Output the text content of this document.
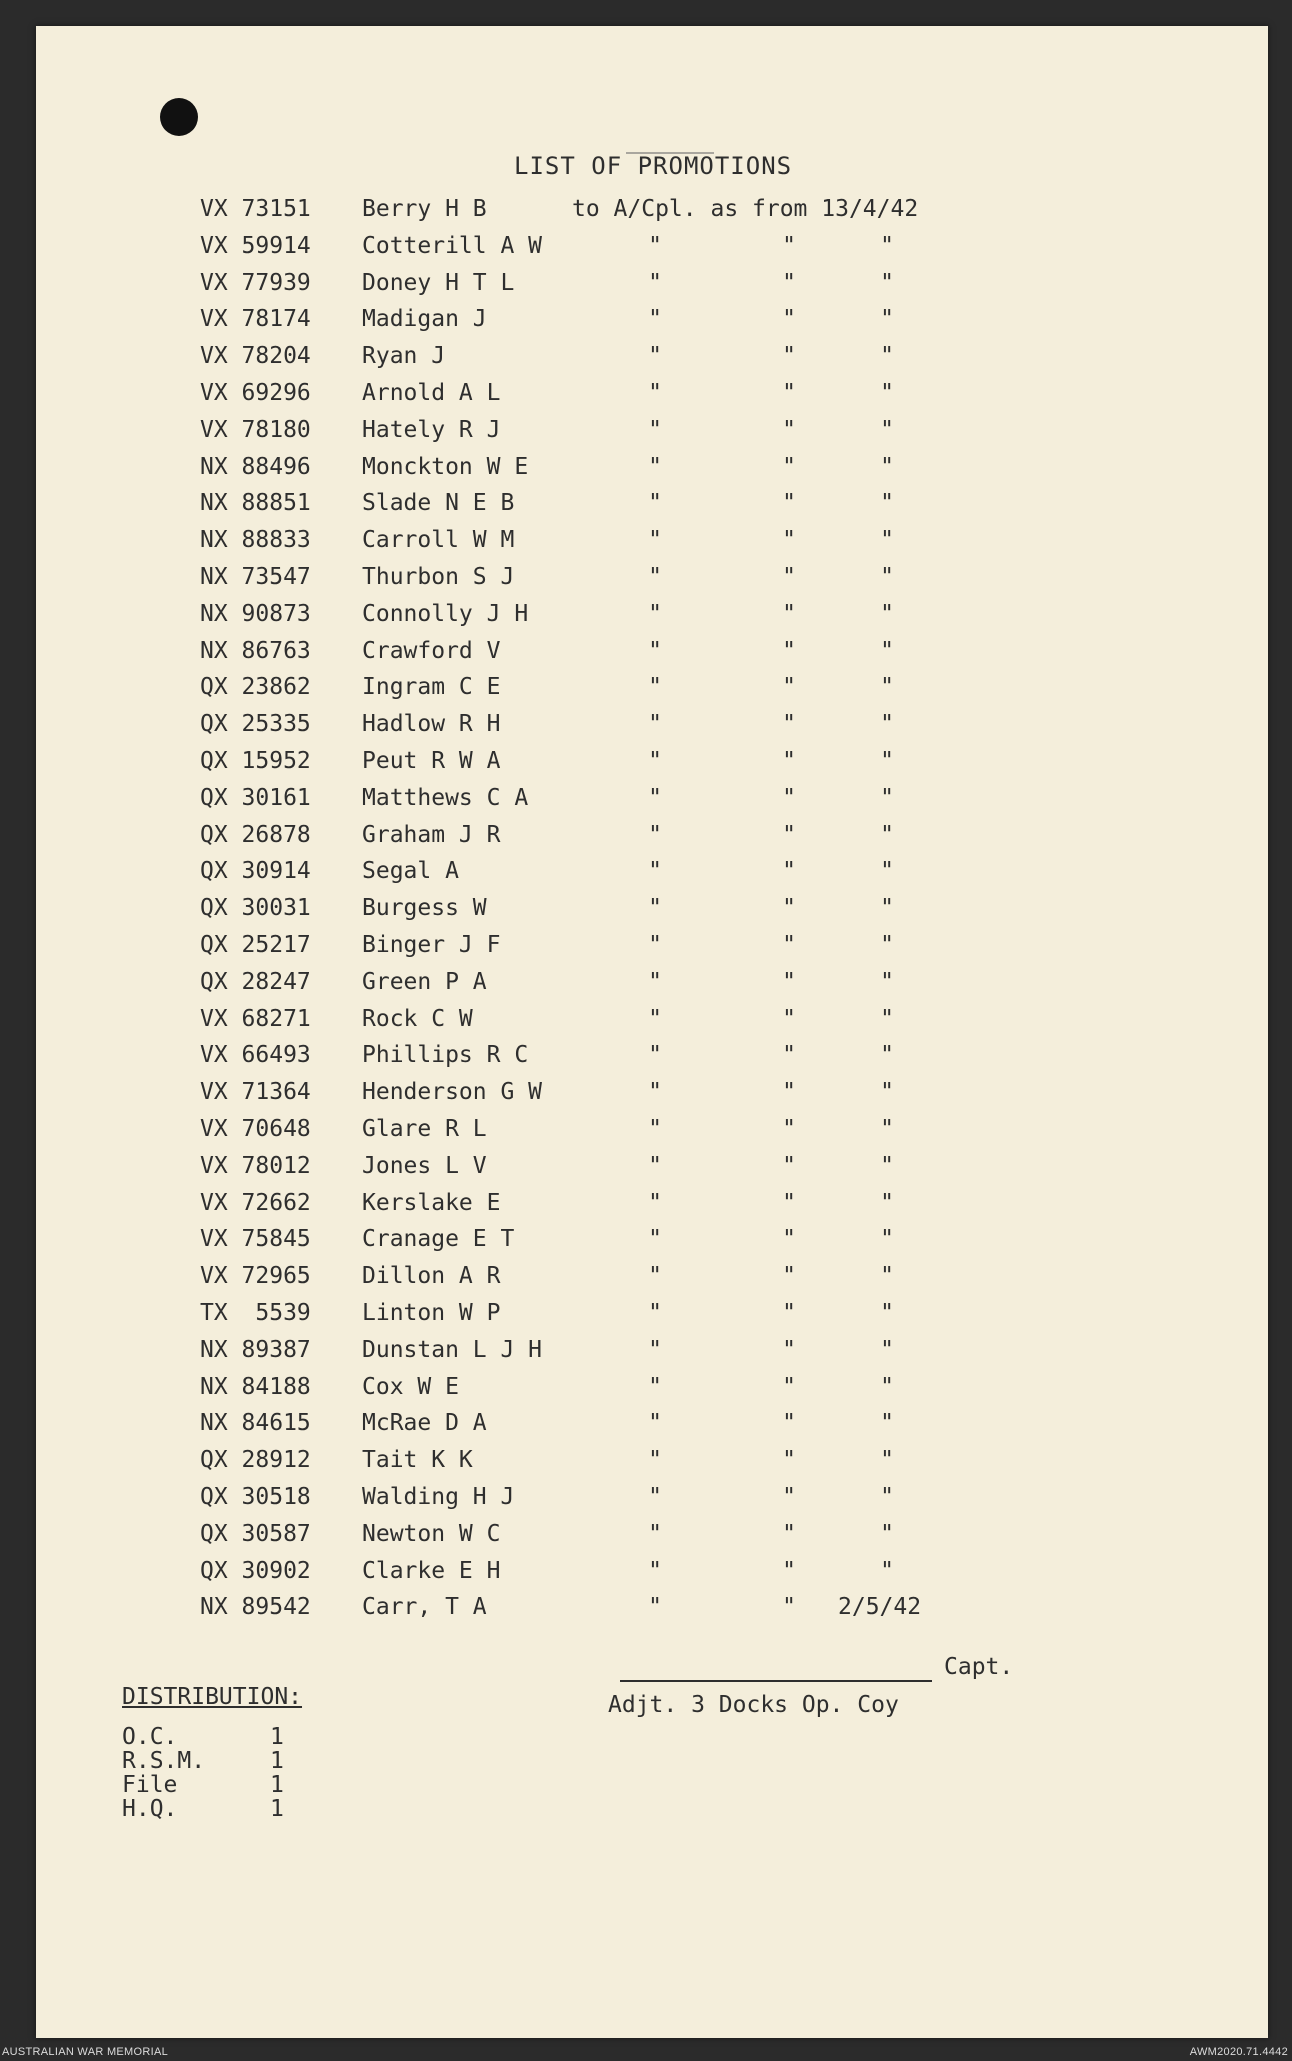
LIST OF PROMOTIONS
VX 73151 Berry H B	to A/Cpl. as from 13/4/42
VX 59914 Cotterill A W	"	"	"
VX 77939 Doney H T L	"	"	"
VX 78174 Madigan J	"	"	"
VX 78204 Ryan J	"	"	"
VX 69296 Arnold A L	"	"	"
VX 78180 Hately R J	"	"	"
NX 88496 Monckton W E	"	"	"
NX 88851 Slade N E B	"	"	"
NX 88833 Carroll W M	"	"	"
NX 73547 Thurbon S J	"	"	"
NX 90873 Connolly J H	"	"	"
NX 86763 Crawford V	"	"	"
QX 23862 Ingram C E	"	"	"
QX 25335 Hadlow R H	"	"	"
QX 15952 Peut R W A	"	"	"
QX 30161 Matthews C A	"	"	"
QX 26878 Graham J R	"	"	"
QX 30914 Segal A	"	"	"
QX 30031 Burgess W	"	"	"
QX 25217 Binger J F	"	"	"
QX 28247 Green P A	"	"	"
VX 68271 Rock C W	"	"	"
VX 66493 Phillips R C	"	"	"
VX 71364 Henderson G W	"	"	"
VX 70648 Glare R L	"	"	"
VX 78012 Jones L V	"	"	"
VX 72662 Kerslake E	"	"	"
VX 75845 Cranage E T	"	"	"
VX 72965 Dillon A R	"	"	"
TX  5539 Linton W P	"	"	"
NX 89387 Dunstan L J H	"	"	"
NX 84188 Cox W E	"	"	"
NX 84615 McRae D A	"	"	"
QX 28912 Tait K K	"	"	"
QX 30518 Walding H J	"	"	"
QX 30587 Newton W C	"	"	"
QX 30902 Clarke E H	"	"	"
NX 89542 Carr, T A	"	" 2/5/42
Capt.
Adjt. 3 Docks Op. Coy
DISTRIBUTION:
O.C.	1
R.S.M.	1
File	1
H.Q.	1
AUSTRALIAN WAR MEMORIAL	AWM2020.71.4442
